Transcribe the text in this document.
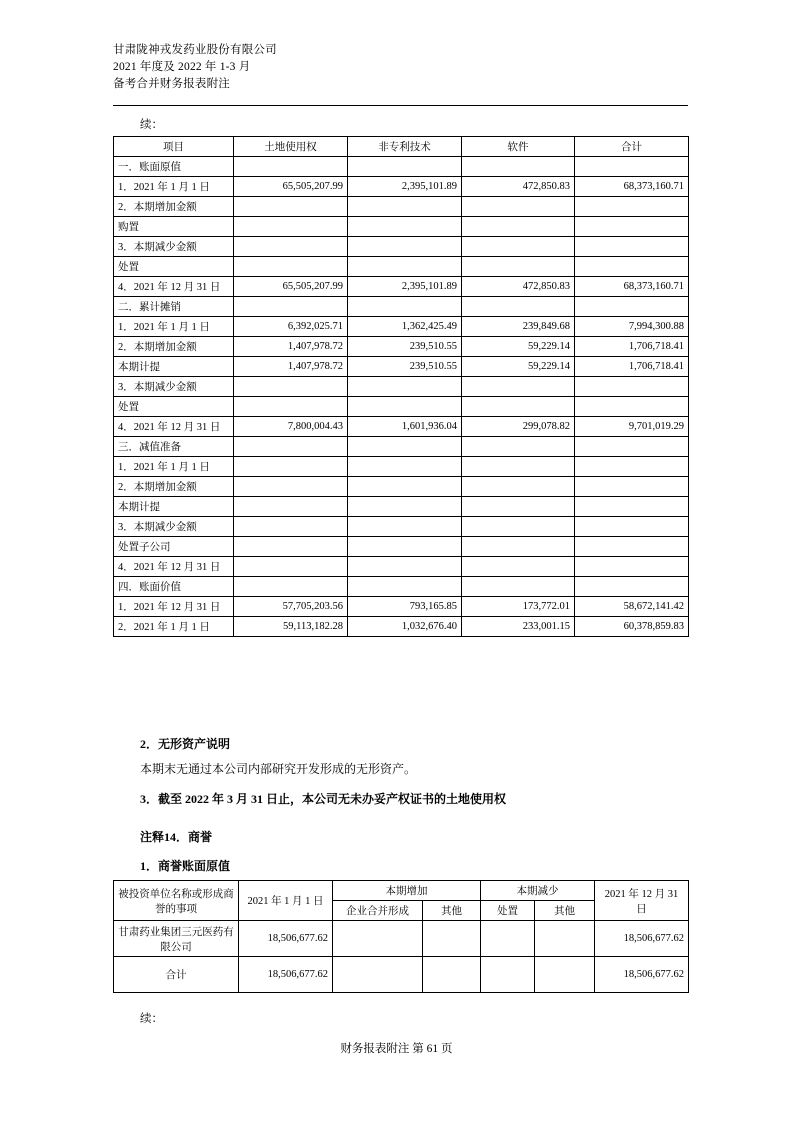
甘肃陇神戎发药业股份有限公司
2021 年度及 2022 年 1-3 月
备考合并财务报表附注
续：
项目	土地使用权	非专利技术	软件	合计
一．账面原值				
1．2021 年 1 月 1 日	65,505,207.99	2,395,101.89	472,850.83	68,373,160.71
2．本期增加金额				
购置				
3．本期减少金额				
处置				
4．2021 年 12 月 31 日	65,505,207.99	2,395,101.89	472,850.83	68,373,160.71
二．累计摊销				
1．2021 年 1 月 1 日	6,392,025.71	1,362,425.49	239,849.68	7,994,300.88
2．本期增加金额	1,407,978.72	239,510.55	59,229.14	1,706,718.41
本期计提	1,407,978.72	239,510.55	59,229.14	1,706,718.41
3．本期减少金额				
处置				
4．2021 年 12 月 31 日	7,800,004.43	1,601,936.04	299,078.82	9,701,019.29
三．减值准备				
1．2021 年 1 月 1 日				
2．本期增加金额				
本期计提				
3．本期减少金额				
处置子公司				
4．2021 年 12 月 31 日				
四．账面价值				
1．2021 年 12 月 31 日	57,705,203.56	793,165.85	173,772.01	58,672,141.42
2．2021 年 1 月 1 日	59,113,182.28	1,032,676.40	233,001.15	60,378,859.83
2．无形资产说明
本期末无通过本公司内部研究开发形成的无形资产。
3．截至 2022 年 3 月 31 日止，本公司无未办妥产权证书的土地使用权
注释14．商誉
1．商誉账面原值
被投资单位名称或形成商誉的事项	2021 年 1 月 1 日	本期增加		本期减少		2021 年 12 月 31 日
		企业合并形成	其他	处置	其他	
甘肃药业集团三元医药有限公司	18,506,677.62					18,506,677.62
合计	18,506,677.62					18,506,677.62
续：
财务报表附注 第 61 页
